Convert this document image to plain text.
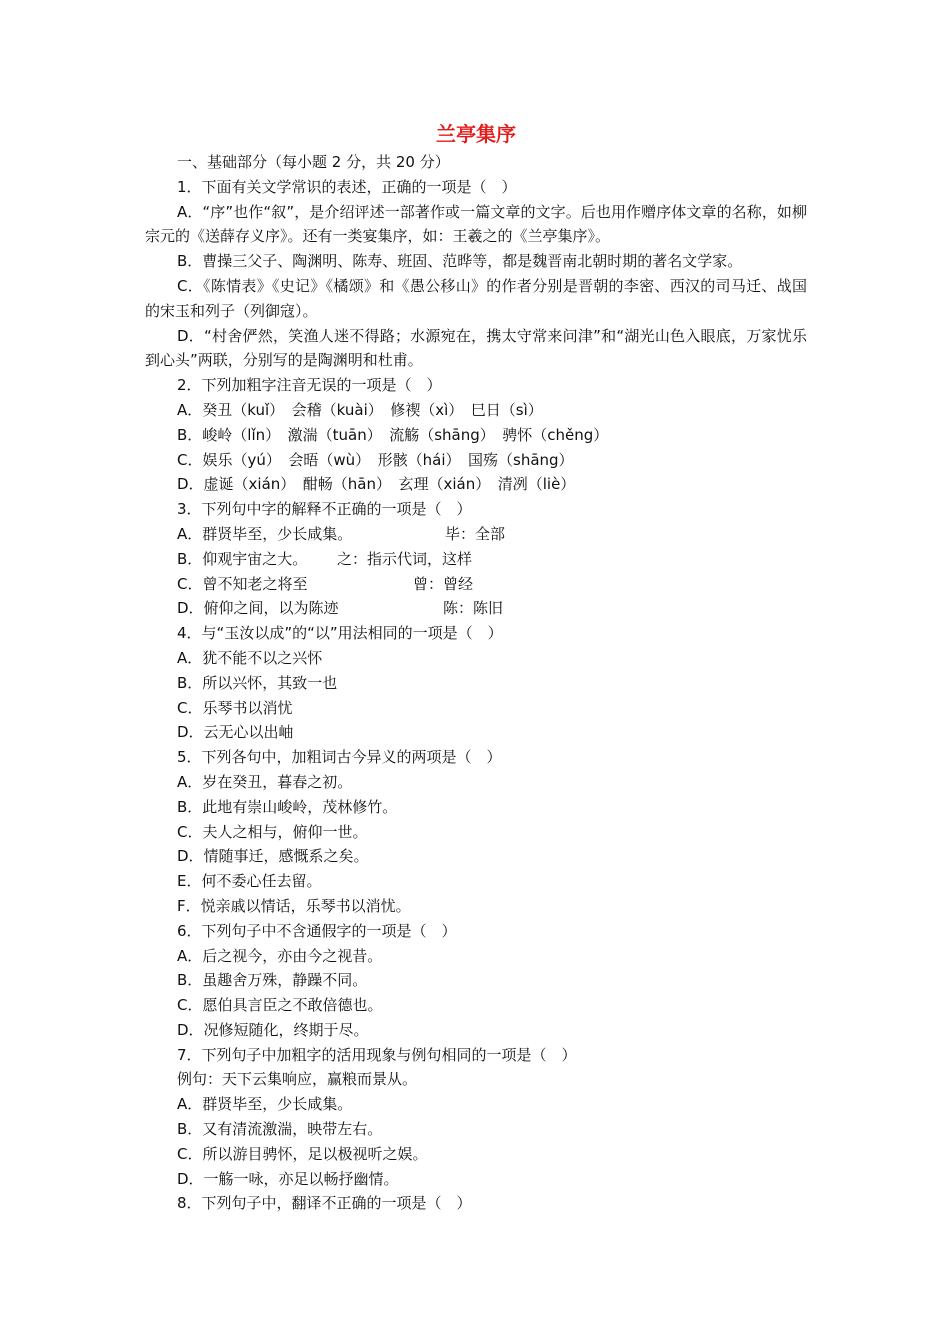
兰亭集序
一、基础部分（每小题 2 分，共 20 分）
1．下面有关文学常识的表述，正确的一项是（　）
A．“序”也作“叙”，是介绍评述一部著作或一篇文章的文字。后也用作赠序体文章的名称，如柳宗元的《送薛存义序》。还有一类宴集序，如：王羲之的《兰亭集序》。
B．曹操三父子、陶渊明、陈寿、班固、范晔等，都是魏晋南北朝时期的著名文学家。
C．《陈情表》《史记》《橘颂》和《愚公移山》的作者分别是晋朝的李密、西汉的司马迁、战国的宋玉和列子（列御寇）。
D．“村舍俨然，笑渔人迷不得路；水源宛在，携太守常来问津”和“湖光山色入眼底，万家忧乐到心头”两联，分别写的是陶渊明和杜甫。
2．下列加粗字注音无误的一项是（　）
A．癸丑（kuǐ）　会稽（kuài）　修禊（xì）　巳日（sì）
B．峻岭（lǐn）　激湍（tuān）　流觞（shāng）　骋怀（chěng）
C．娱乐（yú）　会晤（wù）　形骸（hái）　国殇（shāng）
D．虚诞（xián）　酣畅（hān）　玄理（xián）　清冽（liè）
3．下列句中字的解释不正确的一项是（　）
A．群贤毕至，少长咸集。	毕：全部
B．仰观宇宙之大。 之：指示代词，这样
C．曾不知老之将至	曾：曾经
D．俯仰之间，以为陈迹	陈：陈旧
4．与“玉汝以成”的“以”用法相同的一项是（　）
A．犹不能不以之兴怀
B．所以兴怀，其致一也
C．乐琴书以消忧
D．云无心以出岫
5．下列各句中，加粗词古今异义的两项是（　）
A．岁在癸丑，暮春之初。
B．此地有崇山峻岭，茂林修竹。
C．夫人之相与，俯仰一世。
D．情随事迁，感慨系之矣。
E．何不委心任去留。
F．悦亲戚以情话，乐琴书以消忧。
6．下列句子中不含通假字的一项是（　）
A．后之视今，亦由今之视昔。
B．虽趣舍万殊，静躁不同。
C．愿伯具言臣之不敢倍德也。
D．况修短随化，终期于尽。
7．下列句子中加粗字的活用现象与例句相同的一项是（　）
例句：天下云集响应，赢粮而景从。
A．群贤毕至，少长咸集。
B．又有清流激湍，映带左右。
C．所以游目骋怀，足以极视听之娱。
D．一觞一咏，亦足以畅抒幽情。
8．下列句子中，翻译不正确的一项是（　）
